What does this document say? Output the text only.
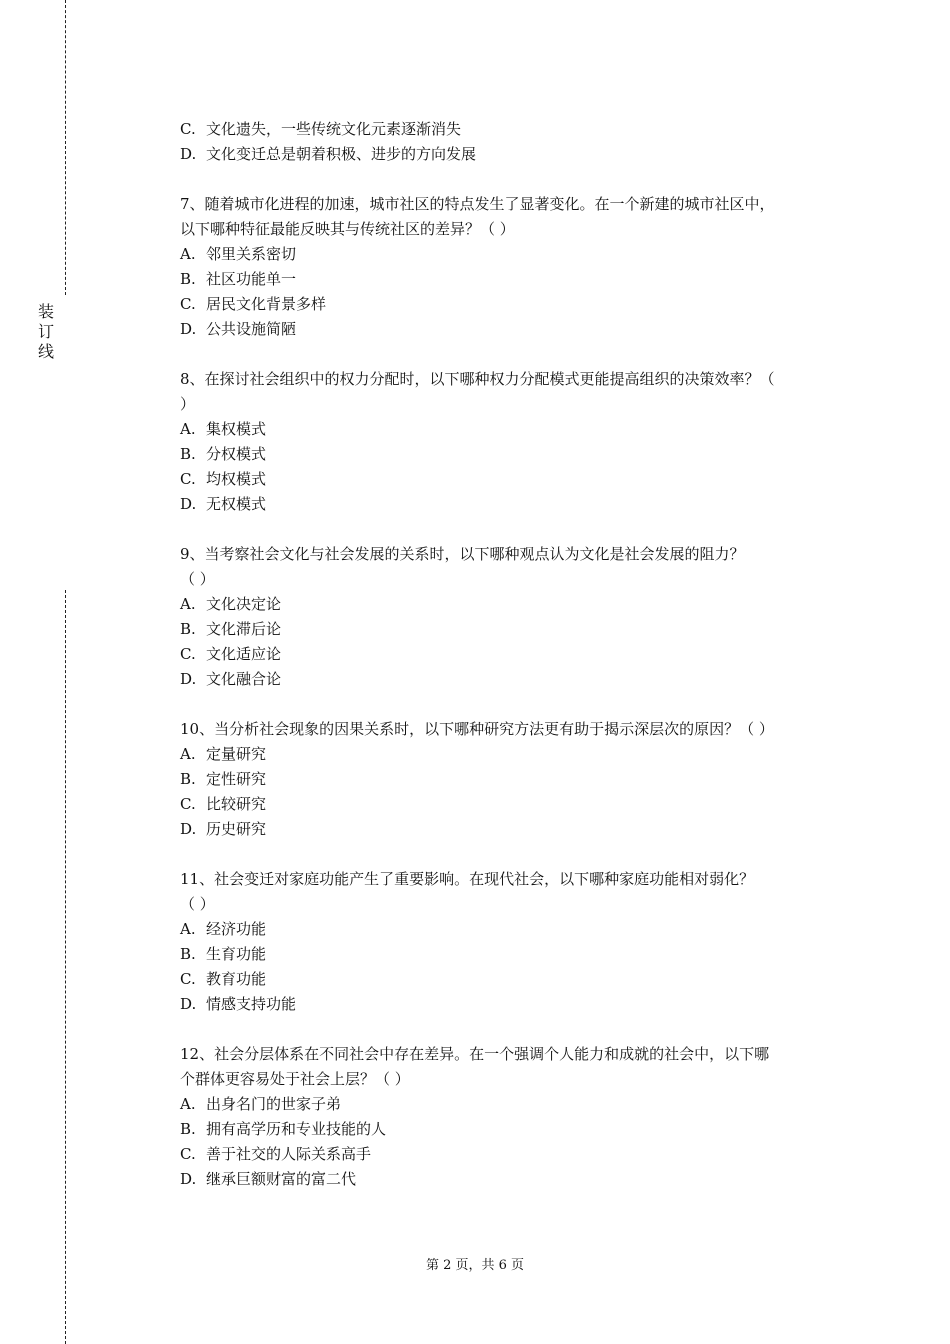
装
订
线
C. 文化遗失，一些传统文化元素逐渐消失
D. 文化变迁总是朝着积极、进步的方向发展
7、随着城市化进程的加速，城市社区的特点发生了显著变化。在一个新建的城市社区中，
以下哪种特征最能反映其与传统社区的差异？（ ）
A. 邻里关系密切
B. 社区功能单一
C. 居民文化背景多样
D. 公共设施简陋
8、在探讨社会组织中的权力分配时，以下哪种权力分配模式更能提高组织的决策效率？（
）
A. 集权模式
B. 分权模式
C. 均权模式
D. 无权模式
9、当考察社会文化与社会发展的关系时，以下哪种观点认为文化是社会发展的阻力？
（ ）
A. 文化决定论
B. 文化滞后论
C. 文化适应论
D. 文化融合论
10、当分析社会现象的因果关系时，以下哪种研究方法更有助于揭示深层次的原因？（ ）
A. 定量研究
B. 定性研究
C. 比较研究
D. 历史研究
11、社会变迁对家庭功能产生了重要影响。在现代社会，以下哪种家庭功能相对弱化？
（ ）
A. 经济功能
B. 生育功能
C. 教育功能
D. 情感支持功能
12、社会分层体系在不同社会中存在差异。在一个强调个人能力和成就的社会中，以下哪
个群体更容易处于社会上层？（ ）
A. 出身名门的世家子弟
B. 拥有高学历和专业技能的人
C. 善于社交的人际关系高手
D. 继承巨额财富的富二代
第 2 页，共 6 页
